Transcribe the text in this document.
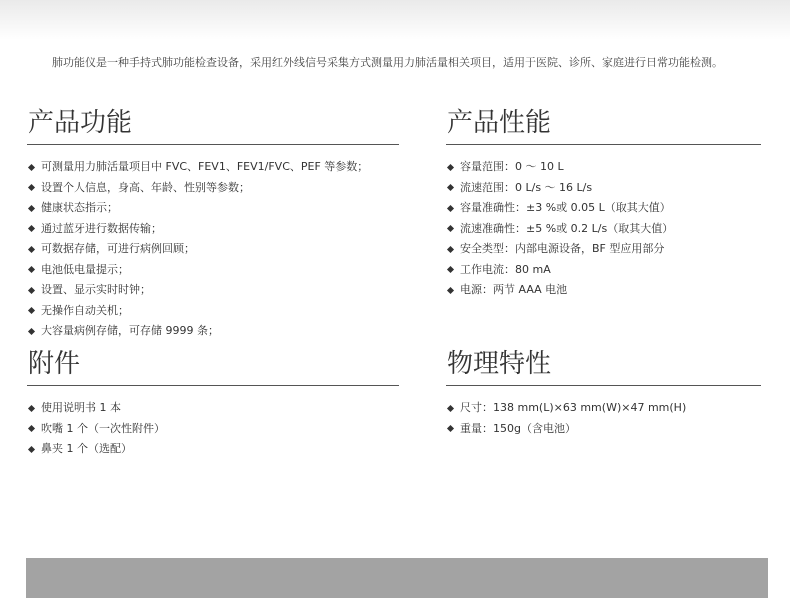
肺功能仪是一种手持式肺功能检查设备，采用红外线信号采集方式测量用力肺活量相关项目，适用于医院、诊所、家庭进行日常功能检测。
产品功能
可测量用力肺活量项目中 FVC、FEV1、FEV1/FVC、PEF 等参数；
设置个人信息，身高、年龄、性别等参数；
健康状态指示；
通过蓝牙进行数据传输；
可数据存储，可进行病例回顾；
电池低电量提示；
设置、显示实时时钟；
无操作自动关机；
大容量病例存储，可存储 9999 条；
产品性能
容量范围：0 ～ 10 L
流速范围：0 L/s ～ 16 L/s
容量准确性：±3 %或 0.05 L（取其大值）
流速准确性：±5 %或 0.2 L/s（取其大值）
安全类型：内部电源设备，BF 型应用部分
工作电流：80 mA
电源：两节 AAA 电池
附件
使用说明书 1 本
吹嘴 1 个（一次性附件）
鼻夹 1 个（选配）
物理特性
尺寸：138 mm(L)×63 mm(W)×47 mm(H)
重量：150g（含电池）
